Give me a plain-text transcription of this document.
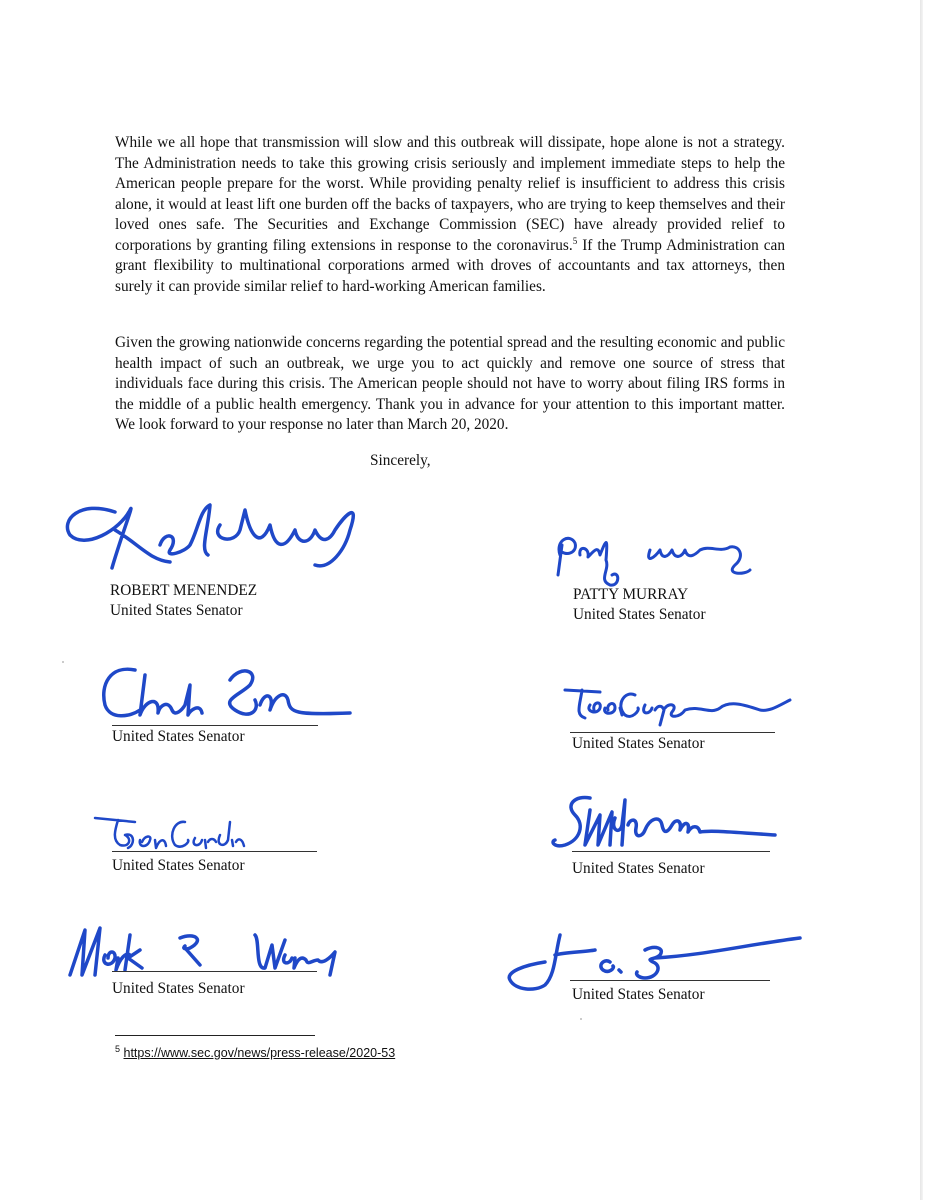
While we all hope that transmission will slow and this outbreak will dissipate, hope alone is not a strategy. The Administration needs to take this growing crisis seriously and implement immediate steps to help the American people prepare for the worst. While providing penalty relief is insufficient to address this crisis alone, it would at least lift one burden off the backs of taxpayers, who are trying to keep themselves and their loved ones safe. The Securities and Exchange Commission (SEC) have already provided relief to corporations by granting filing extensions in response to the coronavirus.$^5$ If the Trump Administration can grant flexibility to multinational corporations armed with droves of accountants and tax attorneys, then surely it can provide similar relief to hard-working American families.

Given the growing nationwide concerns regarding the potential spread and the resulting economic and public health impact of such an outbreak, we urge you to act quickly and remove one source of stress that individuals face during this crisis. The American people should not have to worry about filing IRS forms in the middle of a public health emergency. Thank you in advance for your attention to this important matter. We look forward to your response no later than March 20, 2020.

Sincerely,

ROBERT MENENDEZ
United States Senator
PATTY MURRAY
United States Senator
United States Senator	United States Senator
United States Senator	United States Senator
United States Senator	United States Senator
$^5$ https://www.sec.gov/news/press-release/2020-53
